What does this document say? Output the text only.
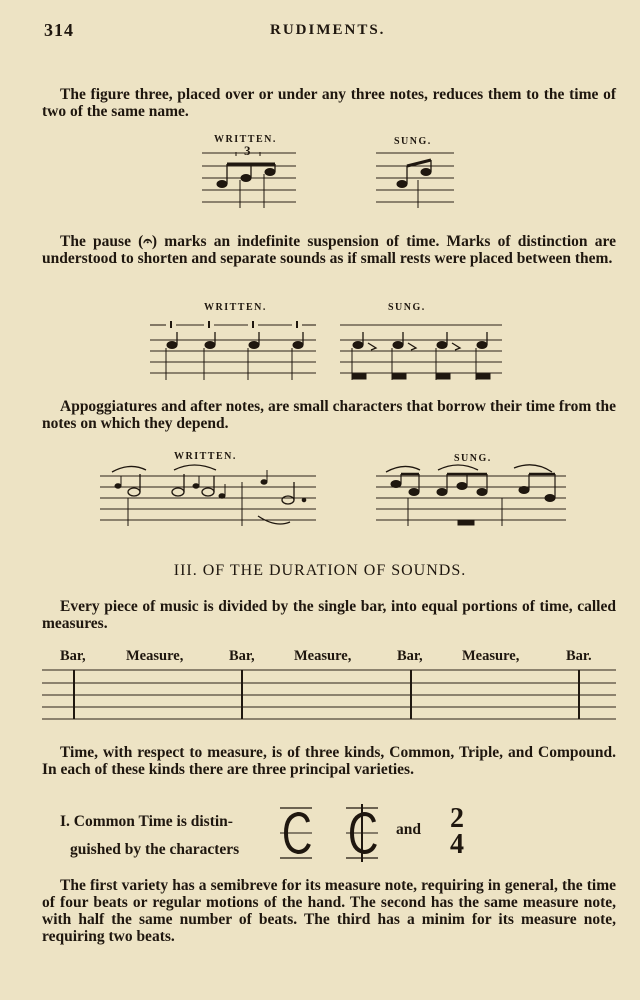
314	RUDIMENTS.
The figure three, placed over or under any three notes, reduces them to the time of two of the same name.
WRITTEN.	SUNG.
3
The pause (𝄐) marks an indefinite suspension of time. Marks of distinction are understood to shorten and separate sounds as if small rests were placed between them.
WRITTEN.	SUNG.
Appoggiatures and after notes, are small characters that borrow their time from the notes on which they depend.
WRITTEN.	SUNG.
III. OF THE DURATION OF SOUNDS.
Every piece of music is divided by the single bar, into equal portions of time, called measures.
Bar,	Measure,	Bar,	Measure,	Bar,	Measure,	Bar.
Time, with respect to measure, is of three kinds, Common, Triple, and Compound. In each of these kinds there are three principal varieties.
I. Common Time is distin-
guished by the characters
and 2
4
The first variety has a semibreve for its measure note, requiring in general, the time of four beats or regular motions of the hand. The second has the same measure note, with half the same number of beats. The third has a minim for its measure note, requiring two beats.
